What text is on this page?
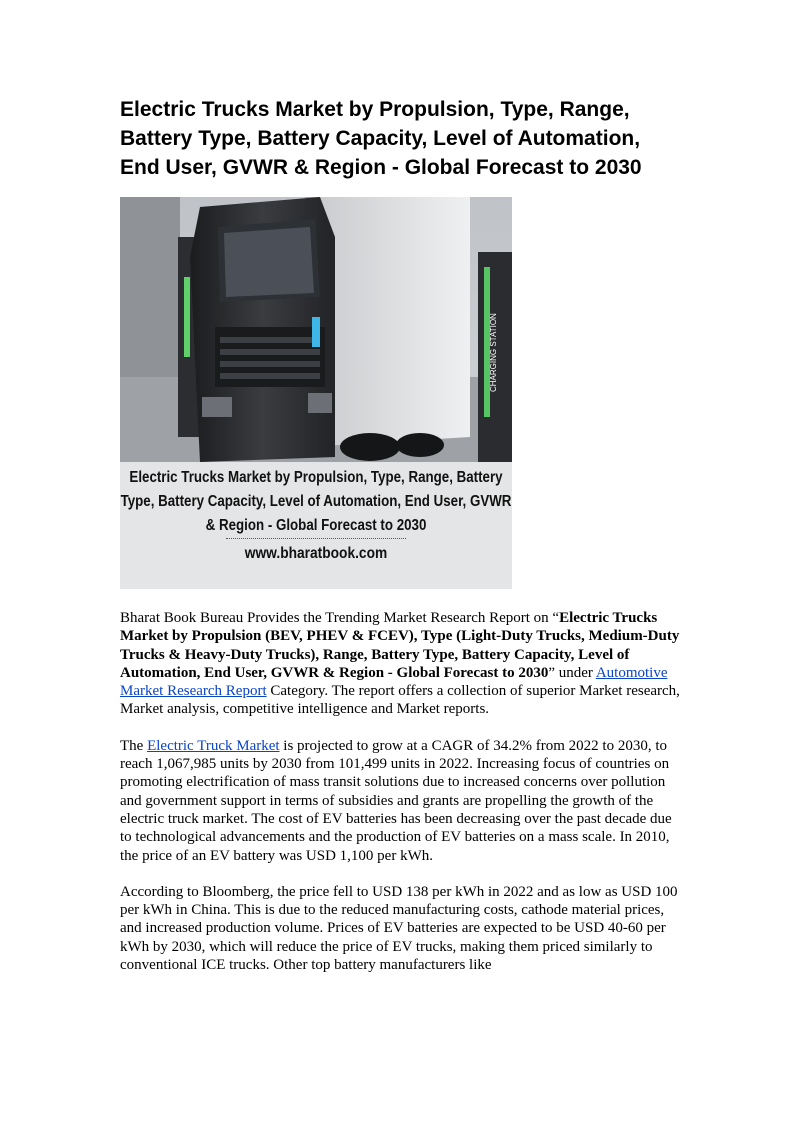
Electric Trucks Market by Propulsion, Type, Range, Battery Type, Battery Capacity, Level of Automation, End User, GVWR & Region - Global Forecast to 2030
CHARGING STATION
Electric Trucks Market by Propulsion, Type, Range, Battery Type, Battery Capacity, Level of Automation, End User, GVWR & Region - Global Forecast to 2030
www.bharatbook.com

Bharat Book Bureau Provides the Trending Market Research Report on “Electric Trucks Market by Propulsion (BEV, PHEV & FCEV), Type (Light-Duty Trucks, Medium-Duty Trucks & Heavy-Duty Trucks), Range, Battery Type, Battery Capacity, Level of Automation, End User, GVWR & Region - Global Forecast to 2030” under Automotive Market Research Report Category. The report offers a collection of superior Market research, Market analysis, competitive intelligence and Market reports.

The Electric Truck Market is projected to grow at a CAGR of 34.2% from 2022 to 2030, to reach 1,067,985 units by 2030 from 101,499 units in 2022. Increasing focus of countries on promoting electrification of mass transit solutions due to increased concerns over pollution and government support in terms of subsidies and grants are propelling the growth of the electric truck market. The cost of EV batteries has been decreasing over the past decade due to technological advancements and the production of EV batteries on a mass scale. In 2010, the price of an EV battery was USD 1,100 per kWh.

According to Bloomberg, the price fell to USD 138 per kWh in 2022 and as low as USD 100 per kWh in China. This is due to the reduced manufacturing costs, cathode material prices, and increased production volume. Prices of EV batteries are expected to be USD 40-60 per kWh by 2030, which will reduce the price of EV trucks, making them priced similarly to conventional ICE trucks. Other top battery manufacturers like
